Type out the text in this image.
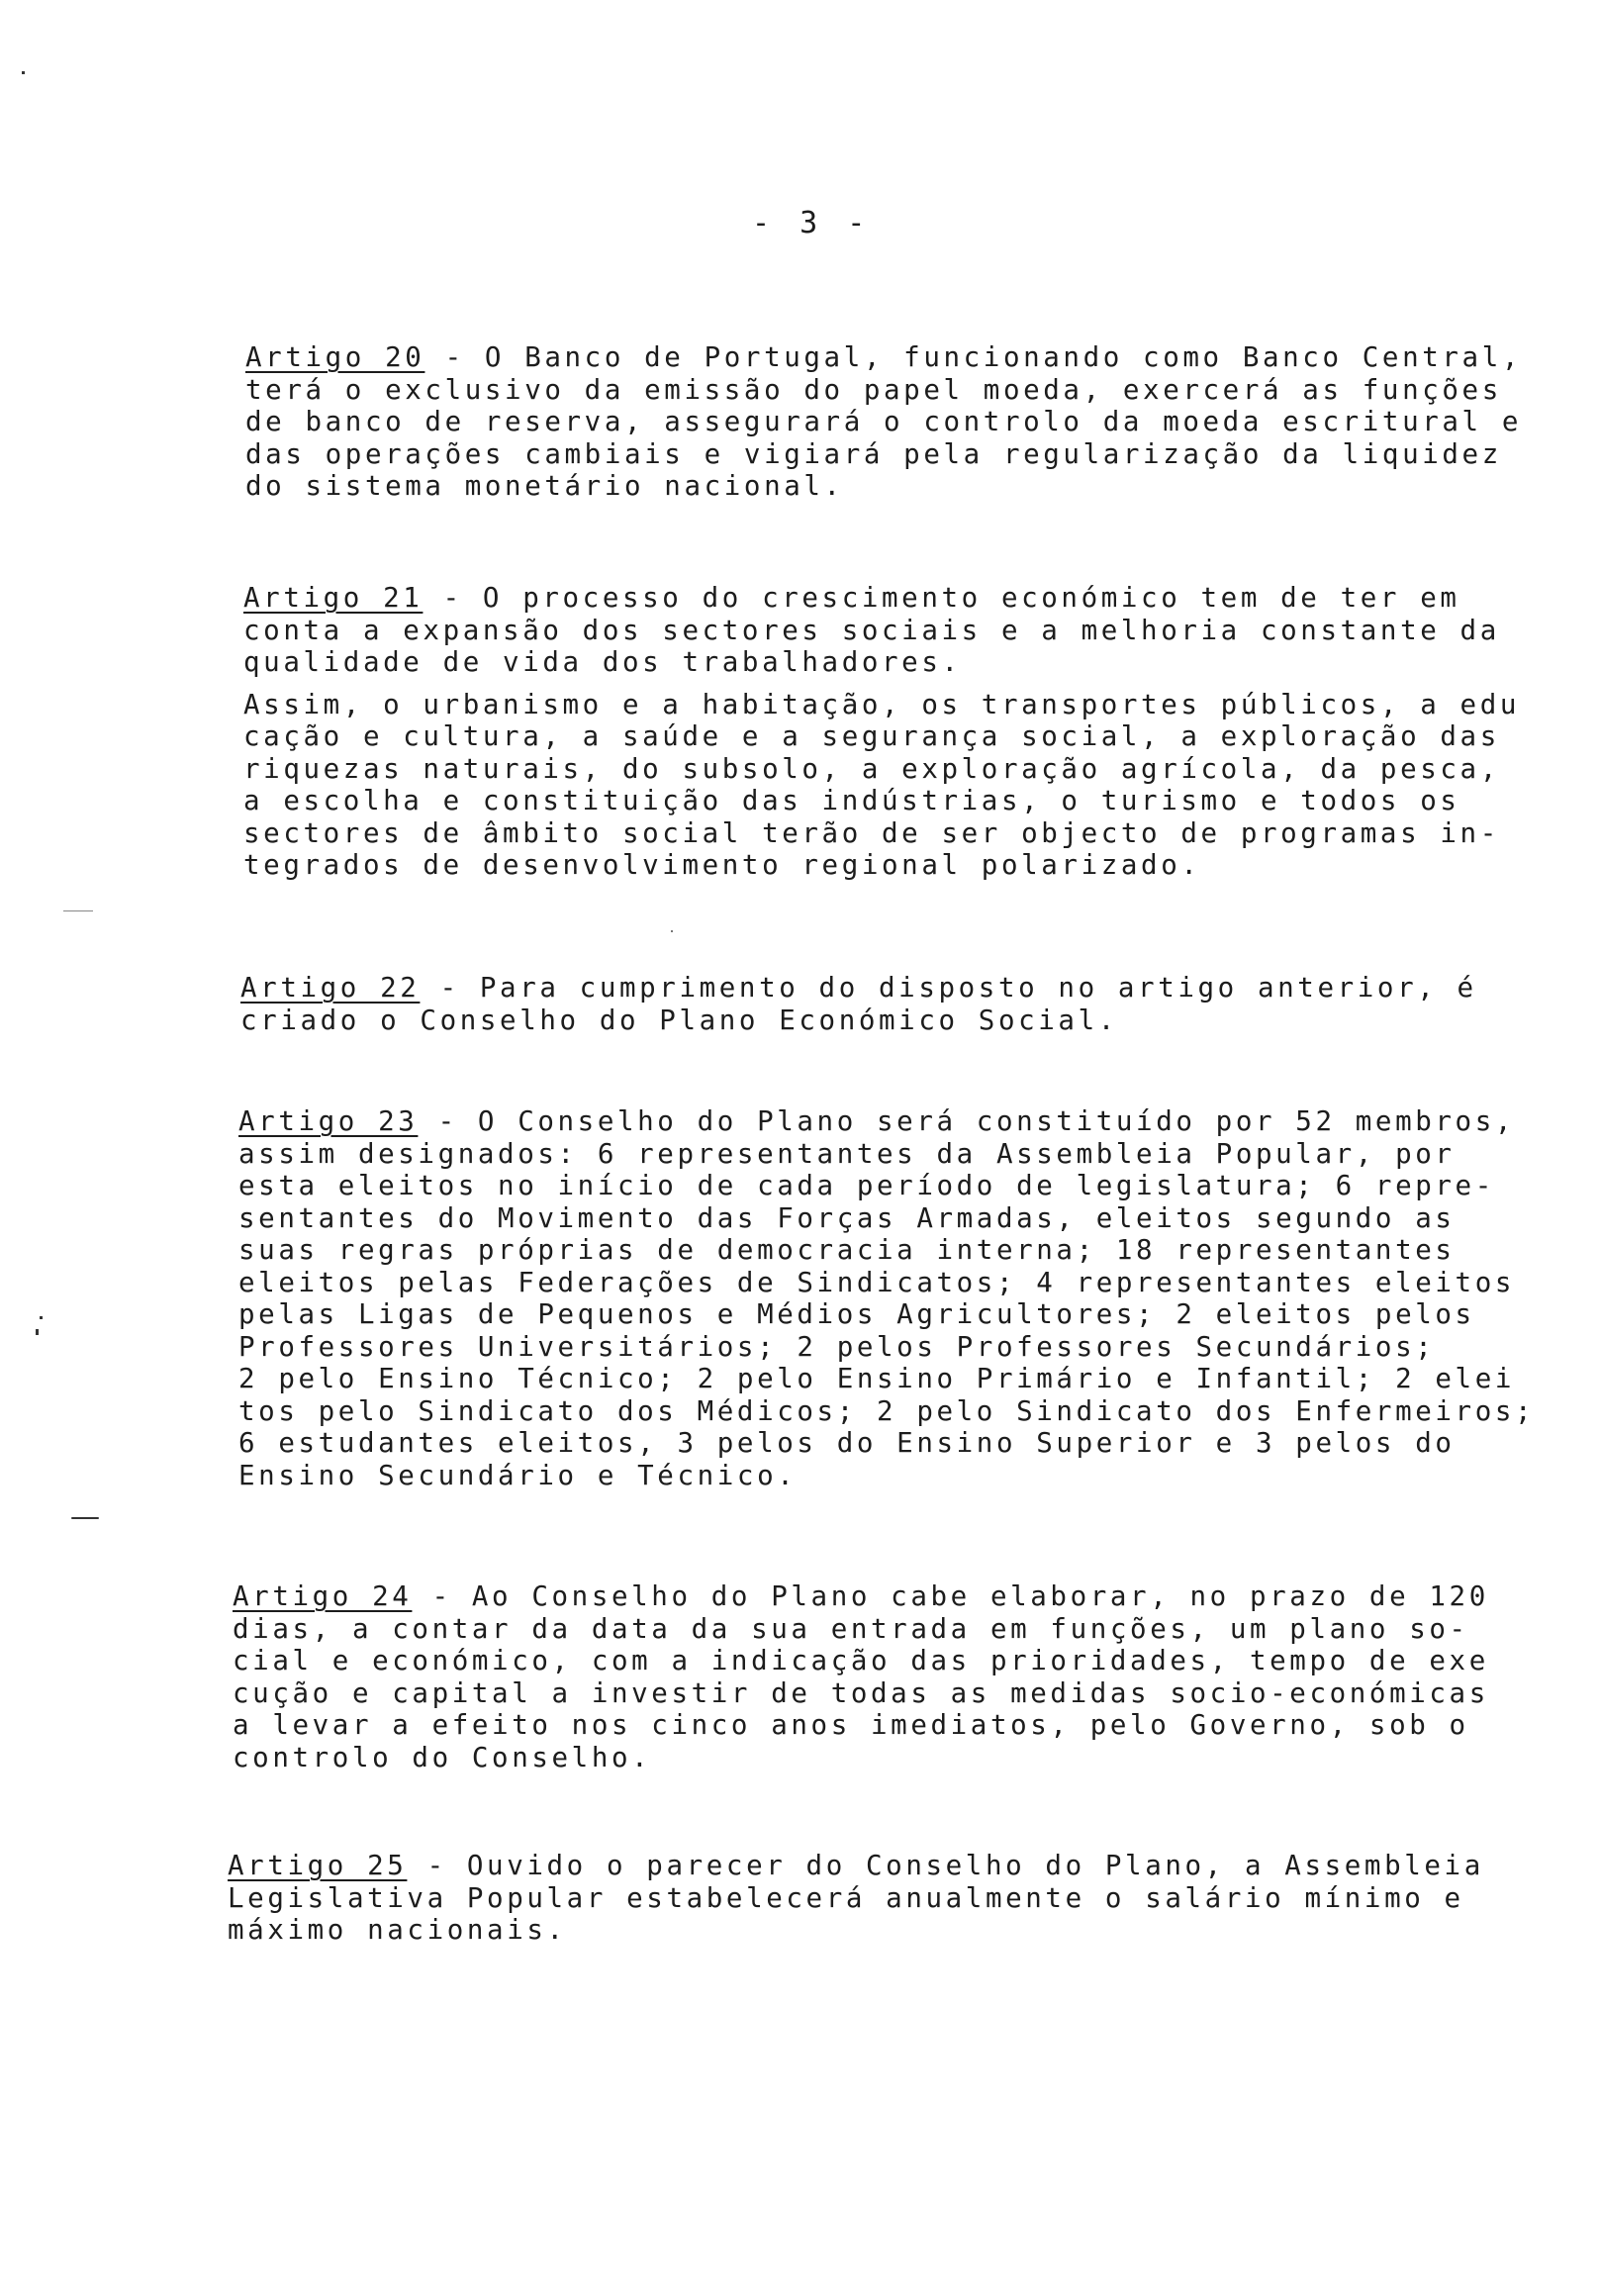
- 3 -
Artigo 20 - O Banco de Portugal, funcionando como Banco Central,
terá o exclusivo da emissão do papel moeda, exercerá as funções
de banco de reserva, assegurará o controlo da moeda escritural e
das operações cambiais e vigiará pela regularização da liquidez
do sistema monetário nacional.
Artigo 21 - O processo do crescimento económico tem de ter em
conta a expansão dos sectores sociais e a melhoria constante da
qualidade de vida dos trabalhadores.
Assim, o urbanismo e a habitação, os transportes públicos, a edu
cação e cultura, a saúde e a segurança social, a exploração das
riquezas naturais, do subsolo, a exploração agrícola, da pesca,
a escolha e constituição das indústrias, o turismo e todos os
sectores de âmbito social terão de ser objecto de programas in-
tegrados de desenvolvimento regional polarizado.
Artigo 22 - Para cumprimento do disposto no artigo anterior, é
criado o Conselho do Plano Económico Social.
Artigo 23 - O Conselho do Plano será constituído por 52 membros,
assim designados: 6 representantes da Assembleia Popular, por
esta eleitos no início de cada período de legislatura; 6 repre-
sentantes do Movimento das Forças Armadas, eleitos segundo as
suas regras próprias de democracia interna; 18 representantes
eleitos pelas Federações de Sindicatos; 4 representantes eleitos
pelas Ligas de Pequenos e Médios Agricultores; 2 eleitos pelos
Professores Universitários; 2 pelos Professores Secundários;
2 pelo Ensino Técnico; 2 pelo Ensino Primário e Infantil; 2 elei
tos pelo Sindicato dos Médicos; 2 pelo Sindicato dos Enfermeiros;
6 estudantes eleitos, 3 pelos do Ensino Superior e 3 pelos do
Ensino Secundário e Técnico.
Artigo 24 - Ao Conselho do Plano cabe elaborar, no prazo de 120
dias, a contar da data da sua entrada em funções, um plano so-
cial e económico, com a indicação das prioridades, tempo de exe
cução e capital a investir de todas as medidas socio-económicas
a levar a efeito nos cinco anos imediatos, pelo Governo, sob o
controlo do Conselho.
Artigo 25 - Ouvido o parecer do Conselho do Plano, a Assembleia
Legislativa Popular estabelecerá anualmente o salário mínimo e
máximo nacionais.
